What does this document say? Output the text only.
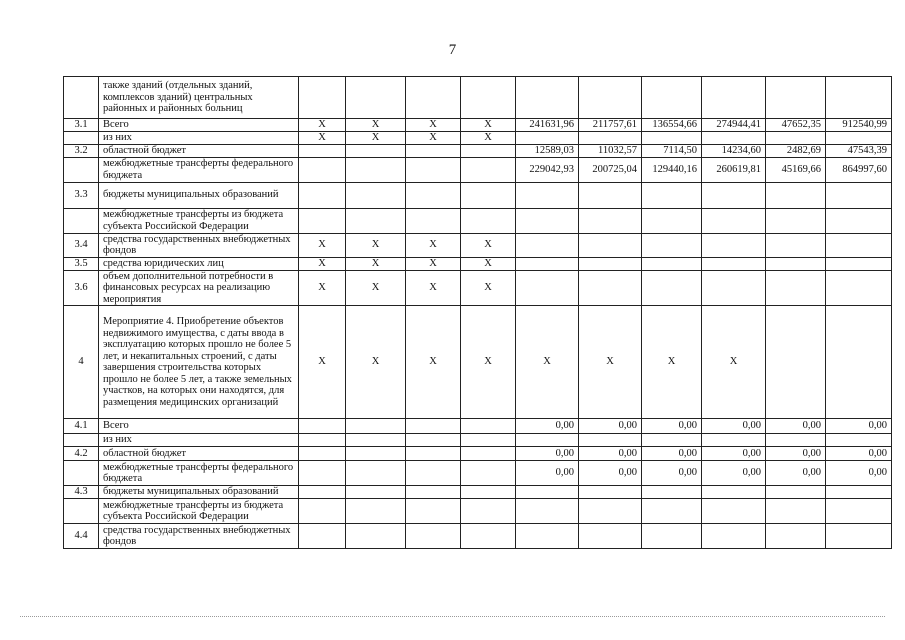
7
	также зданий (отдельных зданий, комплексов зданий) центральных районных и районных больниц										
3.1	Всего	X	X	X	X	241631,96	211757,61	136554,66	274944,41	47652,35	912540,99
	из них	X	X	X	X						
3.2	областной бюджет					12589,03	11032,57	7114,50	14234,60	2482,69	47543,39
	межбюджетные трансферты федерального бюджета					229042,93	200725,04	129440,16	260619,81	45169,66	864997,60
3.3	бюджеты муниципальных образований										
	межбюджетные трансферты из бюджета субъекта Российской Федерации										
3.4	средства государственных внебюджетных фондов	X	X	X	X						
3.5	средства юридических лиц	X	X	X	X						
3.6	объем дополнительной потребности в финансовых ресурсах на реализацию мероприятия	X	X	X	X						
4	Мероприятие 4. Приобретение объектов недвижимого имущества, с даты ввода в эксплуатацию которых прошло не более 5 лет, и некапитальных строений, с даты завершения строительства которых прошло не более 5 лет, а также земельных участков, на которых они находятся, для размещения медицинских организаций	X	X	X	X	X	X	X	X		
4.1	Всего					0,00	0,00	0,00	0,00	0,00	0,00
	из них										
4.2	областной бюджет					0,00	0,00	0,00	0,00	0,00	0,00
	межбюджетные трансферты федерального бюджета					0,00	0,00	0,00	0,00	0,00	0,00
4.3	бюджеты муниципальных образований										
	межбюджетные трансферты из бюджета субъекта Российской Федерации										
4.4	средства государственных внебюджетных фондов										
